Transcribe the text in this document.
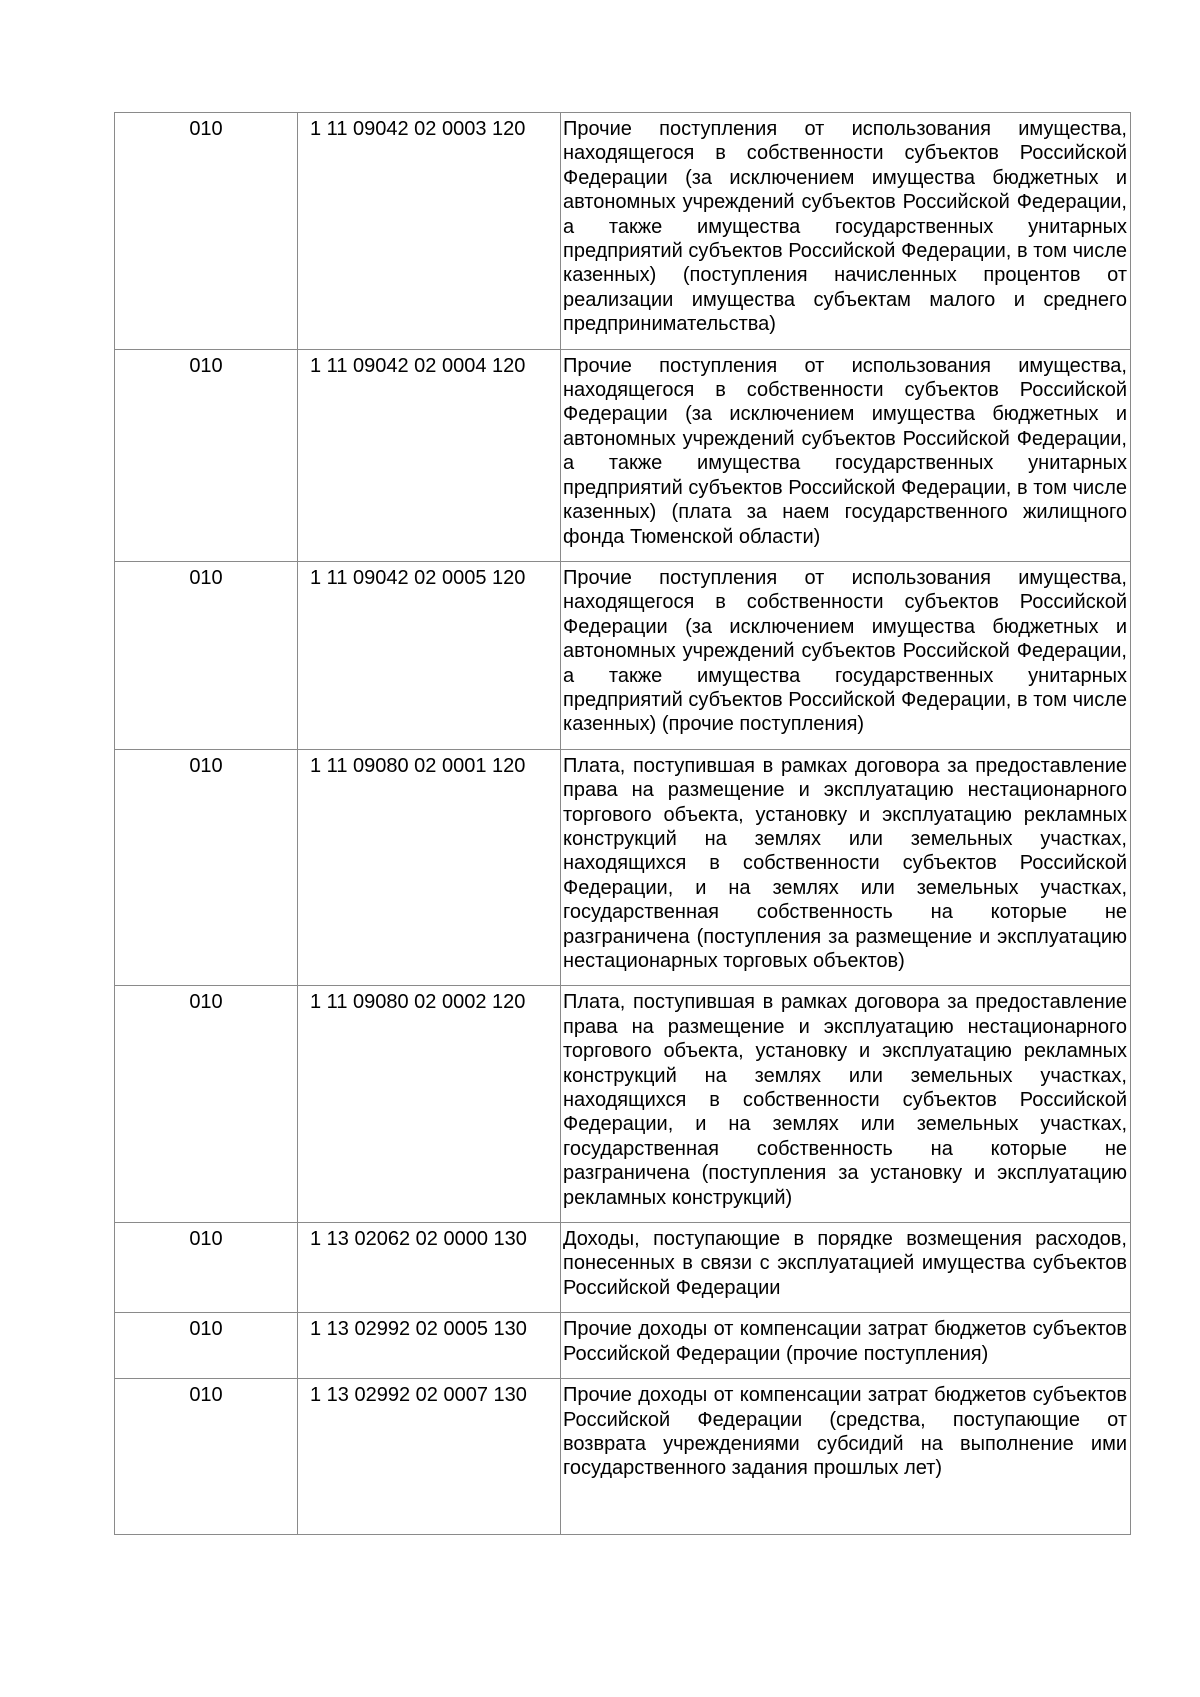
010	1 11 09042 02 0003 120	Прочие поступления от использования имущества, находящегося в собственности субъектов Российской Федерации (за исключением имущества бюджетных и автономных учреждений субъектов Российской Федерации, а также имущества государственных унитарных предприятий субъектов Российской Федерации, в том числе казенных) (поступления начисленных процентов от реализации имущества субъектам малого и среднего предпринимательства)
010	1 11 09042 02 0004 120	Прочие поступления от использования имущества, находящегося в собственности субъектов Российской Федерации (за исключением имущества бюджетных и автономных учреждений субъектов Российской Федерации, а также имущества государственных унитарных предприятий субъектов Российской Федерации, в том числе казенных) (плата за наем государственного жилищного фонда Тюменской области)
010	1 11 09042 02 0005 120	Прочие поступления от использования имущества, находящегося в собственности субъектов Российской Федерации (за исключением имущества бюджетных и автономных учреждений субъектов Российской Федерации, а также имущества государственных унитарных предприятий субъектов Российской Федерации, в том числе казенных) (прочие поступления)
010	1 11 09080 02 0001 120	Плата, поступившая в рамках договора за предоставление права на размещение и эксплуатацию нестационарного торгового объекта, установку и эксплуатацию рекламных конструкций на землях или земельных участках, находящихся в собственности субъектов Российской Федерации, и на землях или земельных участках, государственная собственность на которые не разграничена (поступления за размещение и эксплуатацию нестационарных торговых объектов)
010	1 11 09080 02 0002 120	Плата, поступившая в рамках договора за предоставление права на размещение и эксплуатацию нестационарного торгового объекта, установку и эксплуатацию рекламных конструкций на землях или земельных участках, находящихся в собственности субъектов Российской Федерации, и на землях или земельных участках, государственная собственность на которые не разграничена (поступления за установку и эксплуатацию рекламных конструкций)
010	1 13 02062 02 0000 130	Доходы, поступающие в порядке возмещения расходов, понесенных в связи с эксплуатацией имущества субъектов Российской Федерации
010	1 13 02992 02 0005 130	Прочие доходы от компенсации затрат бюджетов субъектов Российской Федерации (прочие поступления)
010	1 13 02992 02 0007 130	Прочие доходы от компенсации затрат бюджетов субъектов Российской Федерации (средства, поступающие от возврата учреждениями субсидий на выполнение ими государственного задания прошлых лет)
